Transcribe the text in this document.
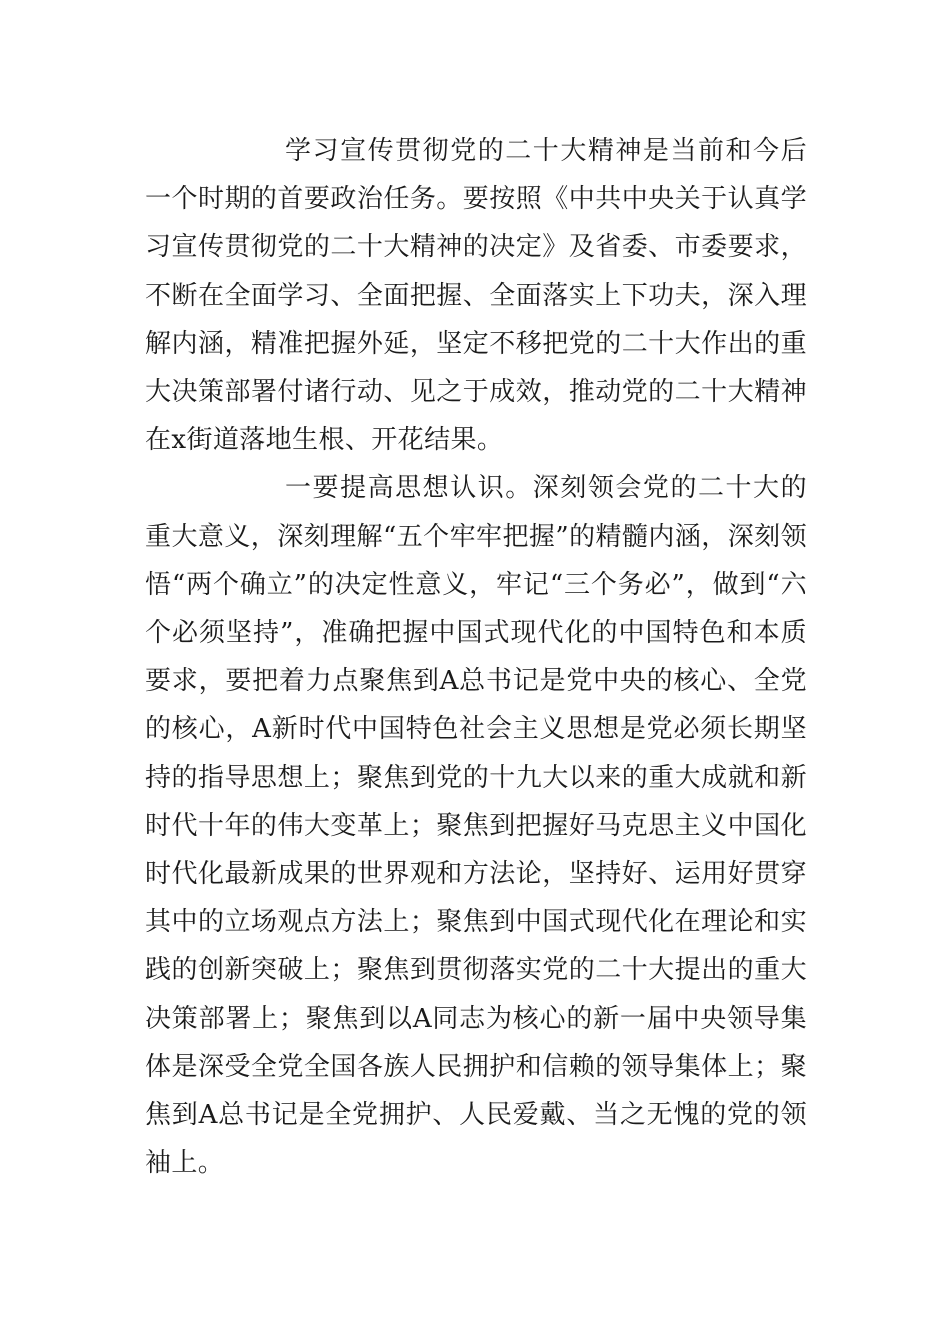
学习宣传贯彻党的二十大精神是当前和今后一个时期的首要政治任务。要按照《中共中央关于认真学习宣传贯彻党的二十大精神的决定》及省委、市委要求，不断在全面学习、全面把握、全面落实上下功夫，深入理解内涵，精准把握外延，坚定不移把党的二十大作出的重大决策部署付诸行动、见之于成效，推动党的二十大精神在x街道落地生根、开花结果。

一要提高思想认识。深刻领会党的二十大的重大意义，深刻理解“五个牢牢把握”的精髓内涵，深刻领悟“两个确立”的决定性意义，牢记“三个务必”，做到“六个必须坚持”，准确把握中国式现代化的中国特色和本质要求，要把着力点聚焦到A总书记是党中央的核心、全党的核心，A新时代中国特色社会主义思想是党必须长期坚持的指导思想上；聚焦到党的十九大以来的重大成就和新时代十年的伟大变革上；聚焦到把握好马克思主义中国化时代化最新成果的世界观和方法论，坚持好、运用好贯穿其中的立场观点方法上；聚焦到中国式现代化在理论和实践的创新突破上；聚焦到贯彻落实党的二十大提出的重大决策部署上；聚焦到以A同志为核心的新一届中央领导集体是深受全党全国各族人民拥护和信赖的领导集体上；聚焦到A总书记是全党拥护、人民爱戴、当之无愧的党的领袖上。
